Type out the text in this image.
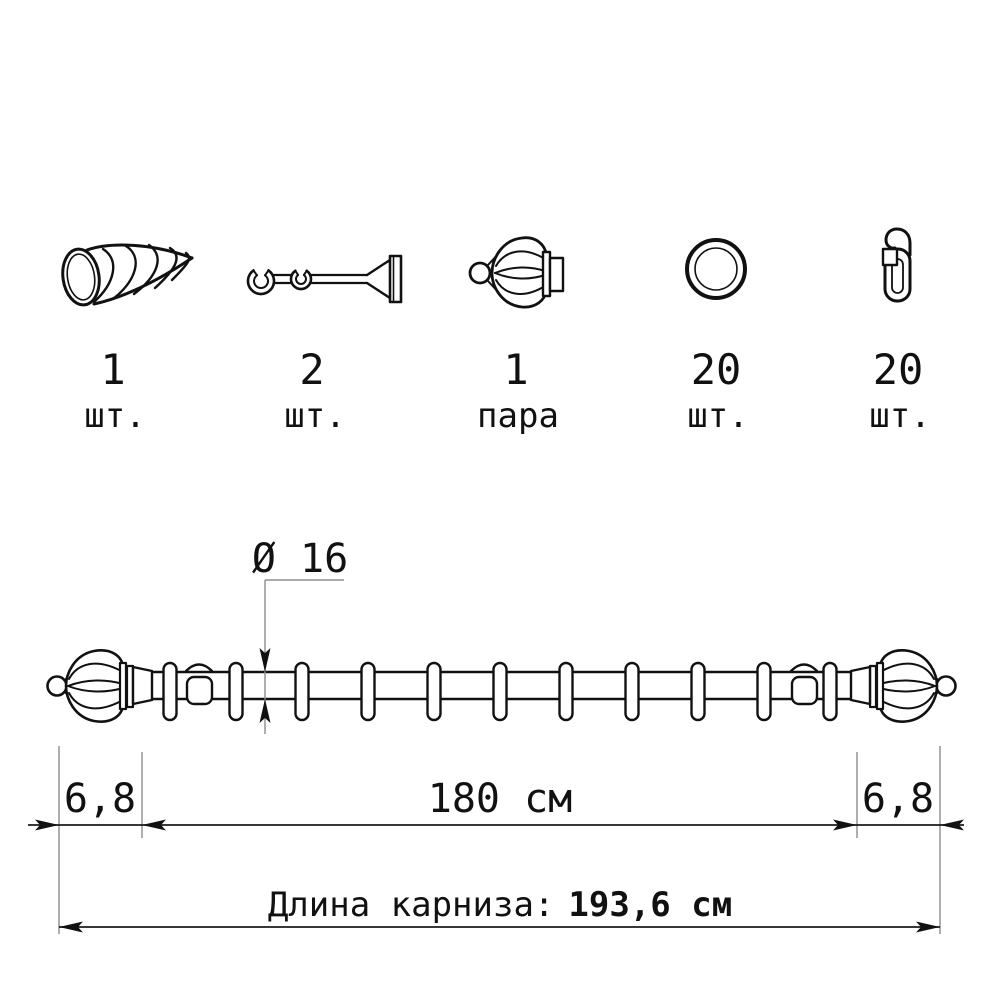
1
шт.
2
шт.
1
пара
20
шт.
20
шт.
Ø 16
6,8	180 см	6,8
Длина карниза: 193,6 см
